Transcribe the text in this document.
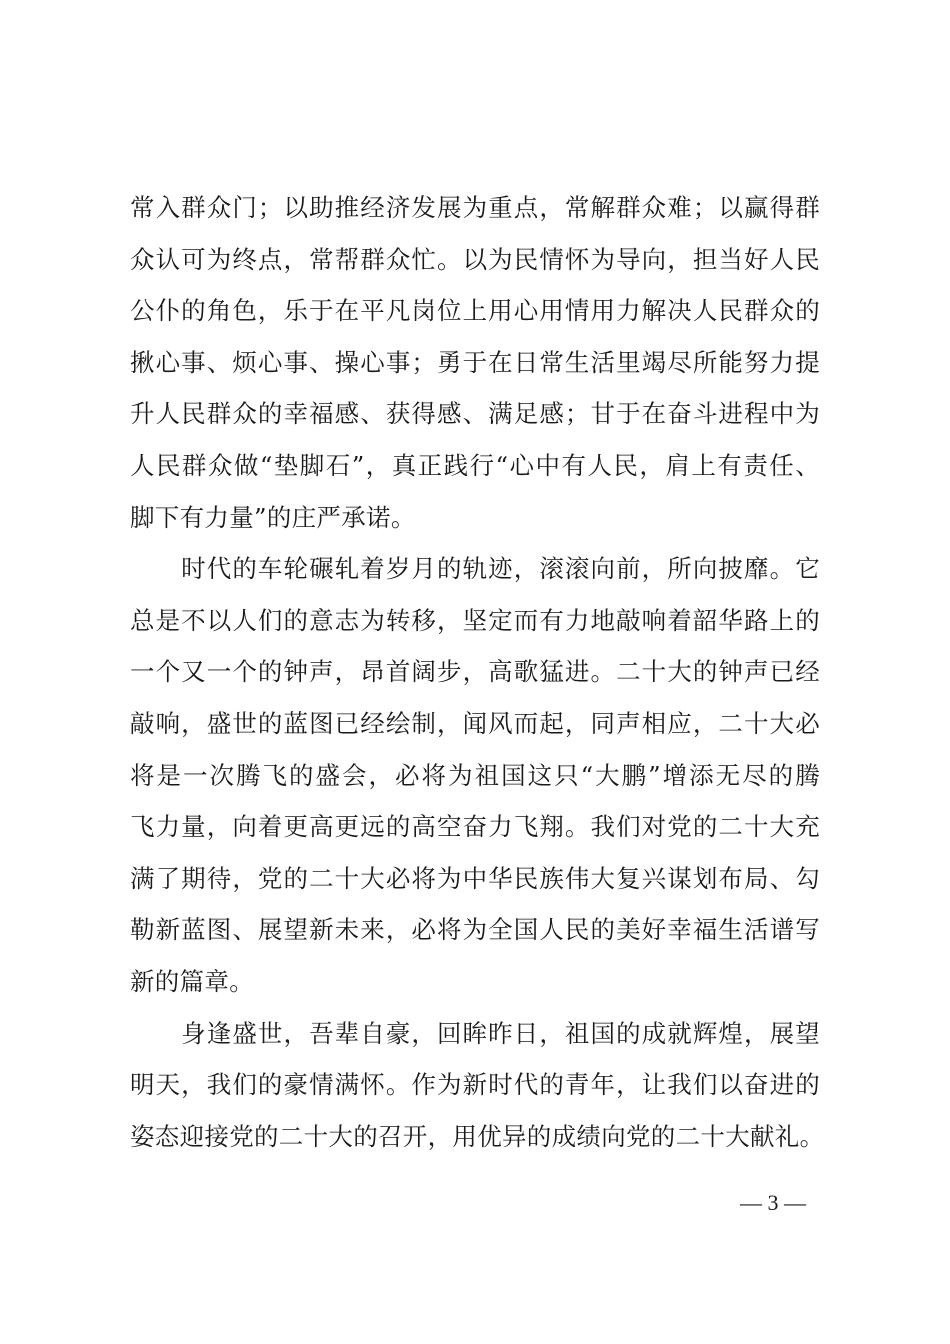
常入群众门；以助推经济发展为重点，常解群众难；以赢得群
众认可为终点，常帮群众忙。以为民情怀为导向，担当好人民
公仆的角色，乐于在平凡岗位上用心用情用力解决人民群众的
揪心事、烦心事、操心事；勇于在日常生活里竭尽所能努力提
升人民群众的幸福感、获得感、满足感；甘于在奋斗进程中为
人民群众做“垫脚石”，真正践行“心中有人民，肩上有责任、
脚下有力量”的庄严承诺。
　　时代的车轮碾轧着岁月的轨迹，滚滚向前，所向披靡。它
总是不以人们的意志为转移，坚定而有力地敲响着韶华路上的
一个又一个的钟声，昂首阔步，高歌猛进。二十大的钟声已经
敲响，盛世的蓝图已经绘制，闻风而起，同声相应，二十大必
将是一次腾飞的盛会，必将为祖国这只“大鹏”增添无尽的腾
飞力量，向着更高更远的高空奋力飞翔。我们对党的二十大充
满了期待，党的二十大必将为中华民族伟大复兴谋划布局、勾
勒新蓝图、展望新未来，必将为全国人民的美好幸福生活谱写
新的篇章。
　　身逢盛世，吾辈自豪，回眸昨日，祖国的成就辉煌，展望
明天，我们的豪情满怀。作为新时代的青年，让我们以奋进的
姿态迎接党的二十大的召开，用优异的成绩向党的二十大献礼。
— 3 —
